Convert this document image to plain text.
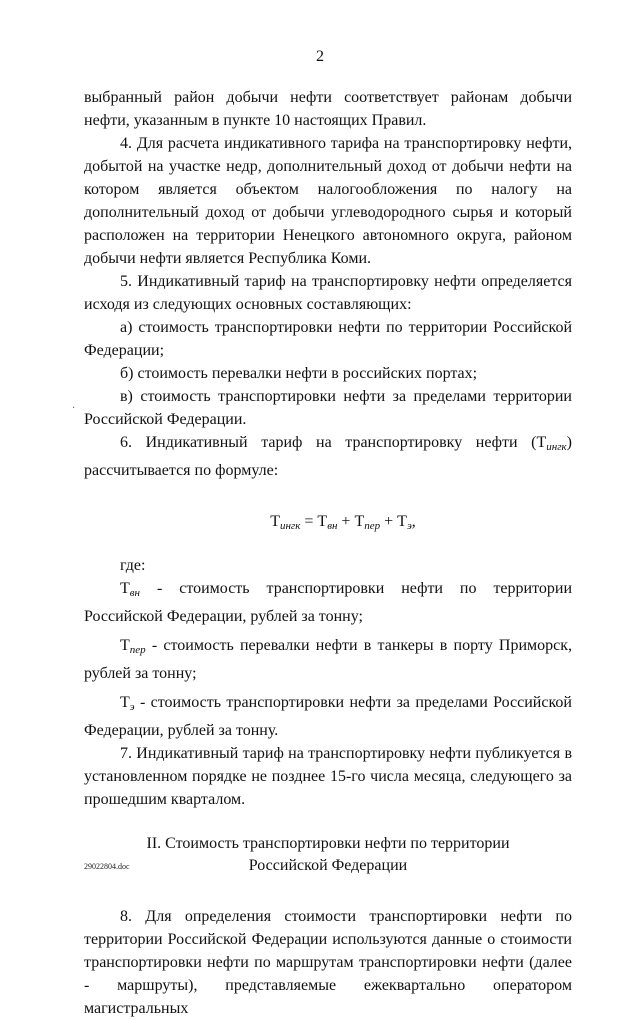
2
·

выбранный район добычи нефти соответствует районам добычи нефти, указанным в пункте 10 настоящих Правил.

4. Для расчета индикативного тарифа на транспортировку нефти, добытой на участке недр, дополнительный доход от добычи нефти на котором является объектом налогообложения по налогу на дополнительный доход от добычи углеводородного сырья и который расположен на территории Ненецкого автономного округа, районом добычи нефти является Республика Коми.

5. Индикативный тариф на транспортировку нефти определяется исходя из следующих основных составляющих:

а) стоимость транспортировки нефти по территории Российской Федерации;

б) стоимость перевалки нефти в российских портах;

в) стоимость транспортировки нефти за пределами территории Российской Федерации.

6. Индикативный тариф на транспортировку нефти $(Т_{ингк})$ рассчитывается по формуле:

$Т_{ингк} = Т_{вн} + Т_{пер} + Т_э$,

где:

$Т_{вн}$ - стоимость транспортировки нефти по территории Российской Федерации, рублей за тонну;

$Т_{пер}$ - стоимость перевалки нефти в танкеры в порту Приморск, рублей за тонну;

$Т_э$ - стоимость транспортировки нефти за пределами Российской Федерации, рублей за тонну.

7. Индикативный тариф на транспортировку нефти публикуется в установленном порядке не позднее 15-го числа месяца, следующего за прошедшим кварталом.

II. Стоимость транспортировки нефти по территории
Российской Федерации

8. Для определения стоимости транспортировки нефти по территории Российской Федерации используются данные о стоимости транспортировки нефти по маршрутам транспортировки нефти (далее - маршруты), представляемые ежеквартально оператором магистральных

29022804.doc
